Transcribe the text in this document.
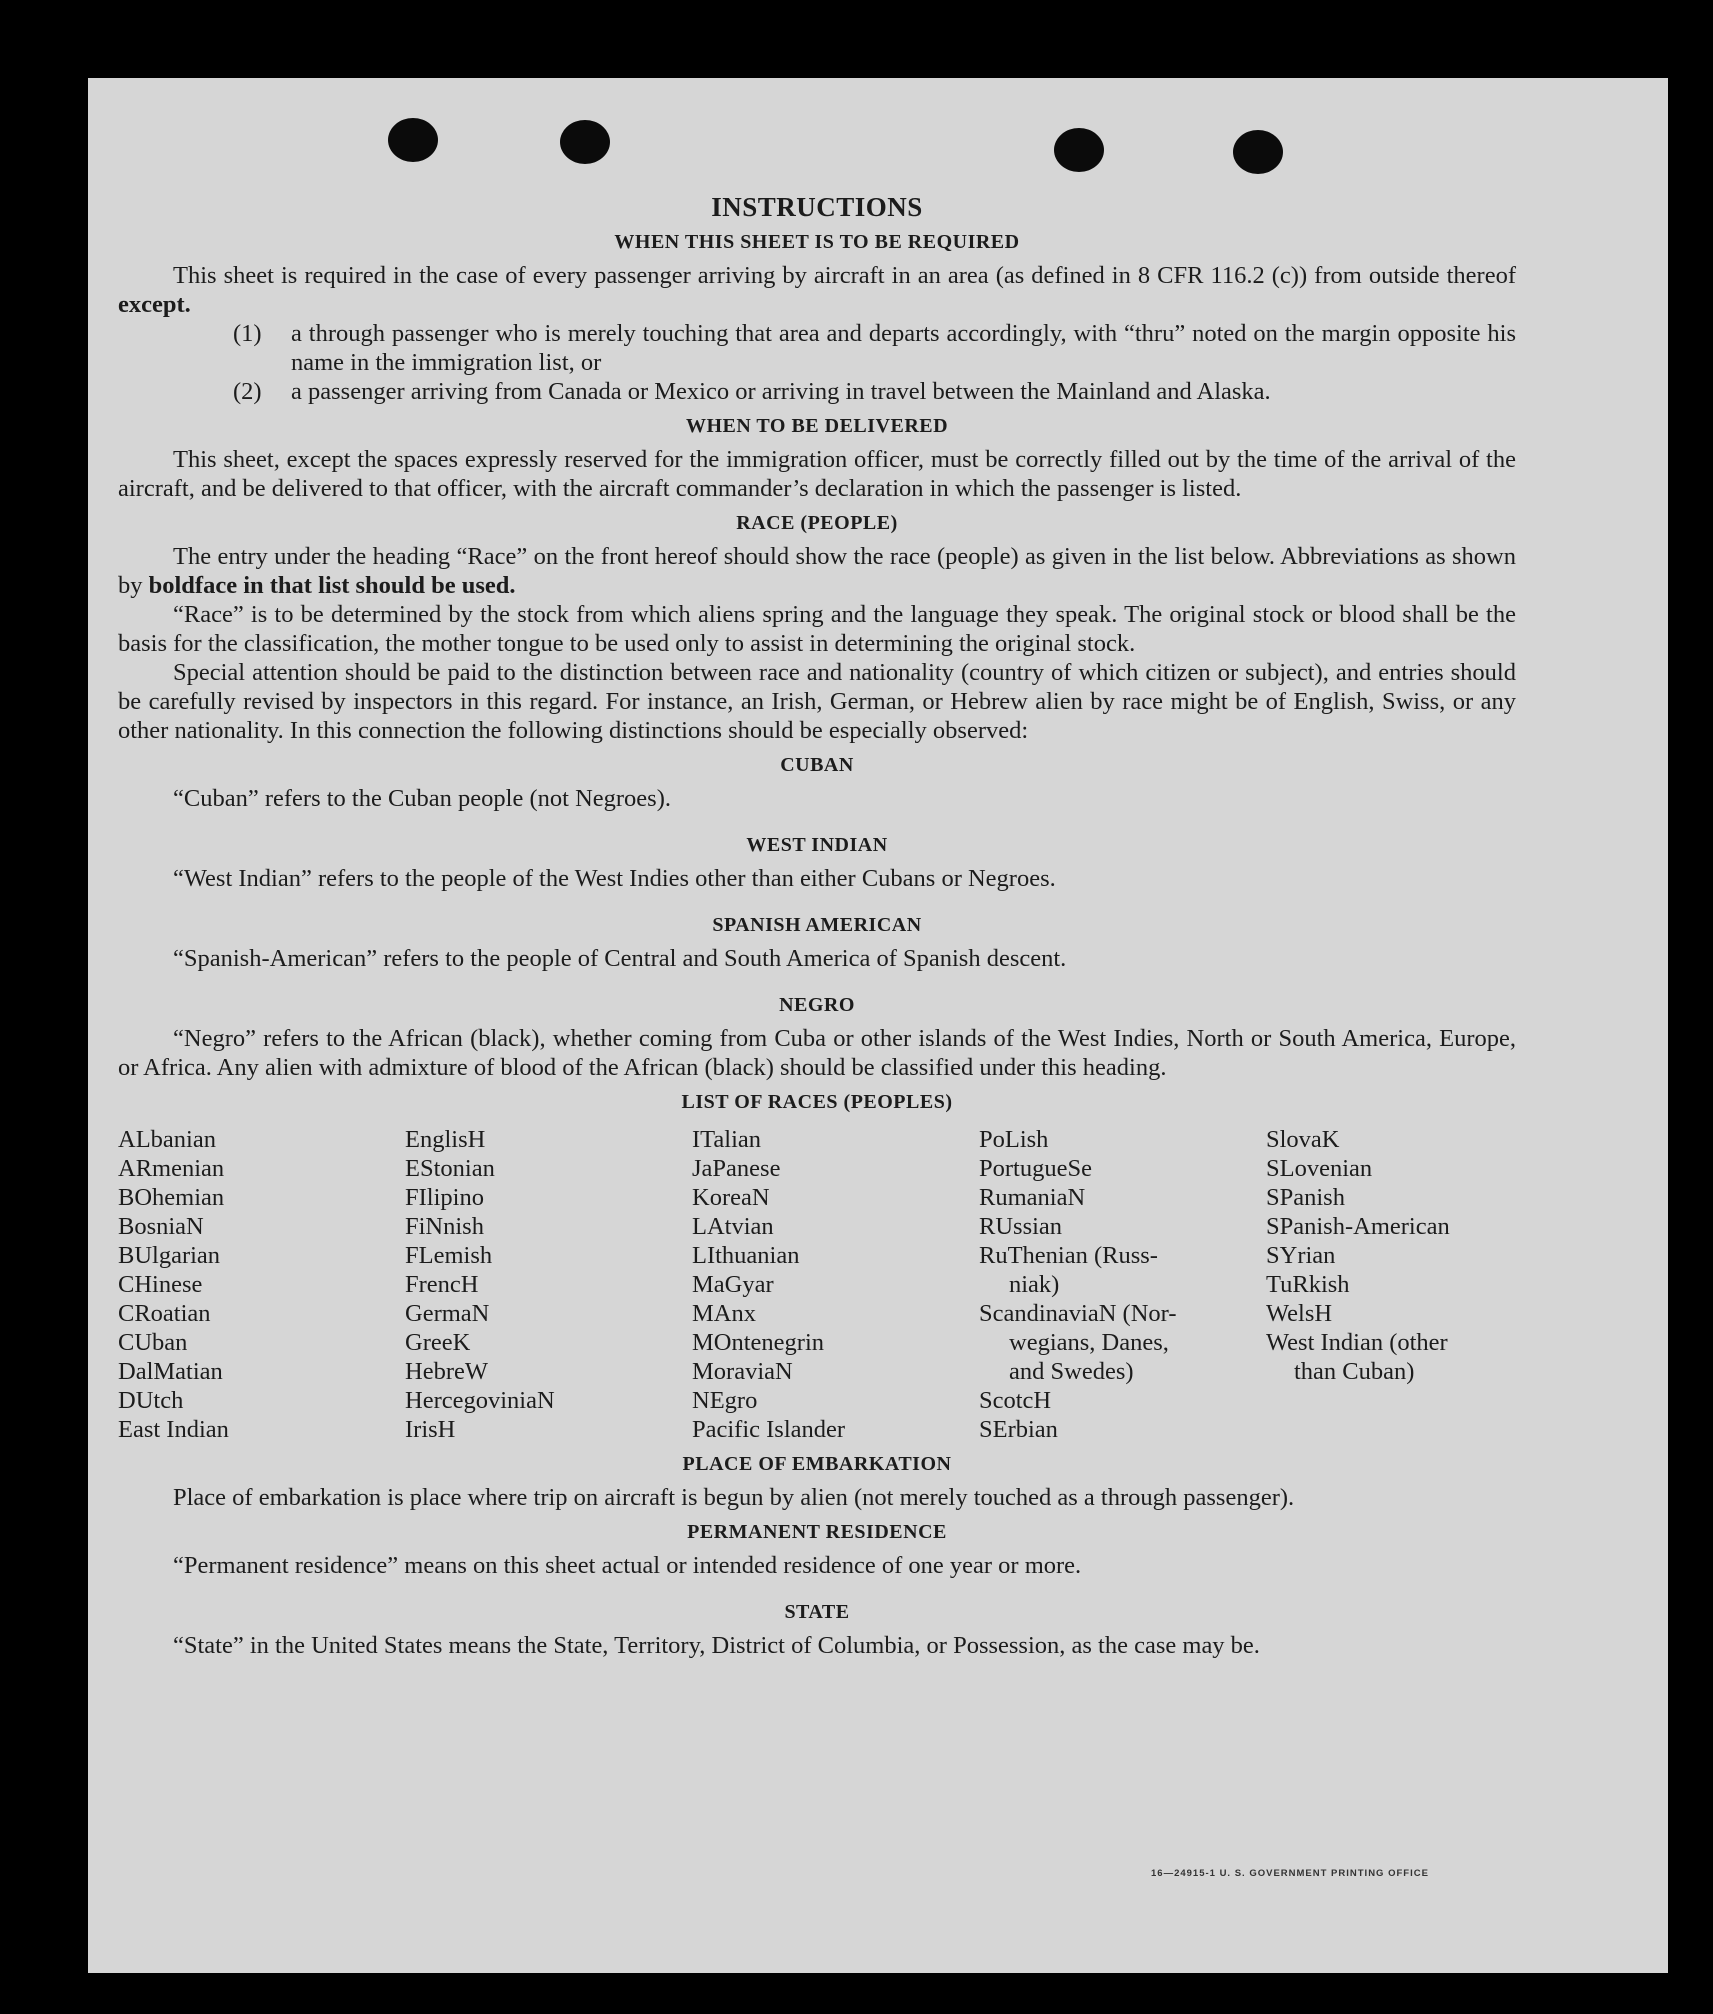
INSTRUCTIONS
WHEN THIS SHEET IS TO BE REQUIRED

This sheet is required in the case of every passenger arriving by aircraft in an area (as defined in 8 CFR 116.2 (c)) from outside thereof except.

(1)	a through passenger who is merely touching that area and departs accordingly, with “thru” noted on the margin opposite his name in the immigration list, or
(2)	a passenger arriving from Canada or Mexico or arriving in travel between the Mainland and Alaska.
WHEN TO BE DELIVERED

This sheet, except the spaces expressly reserved for the immigration officer, must be correctly filled out by the time of the arrival of the aircraft, and be delivered to that officer, with the aircraft commander’s declaration in which the passenger is listed.

RACE (PEOPLE)

The entry under the heading “Race” on the front hereof should show the race (people) as given in the list below. Abbreviations as shown by boldface in that list should be used.

“Race” is to be determined by the stock from which aliens spring and the language they speak. The original stock or blood shall be the basis for the classification, the mother tongue to be used only to assist in determining the original stock.

Special attention should be paid to the distinction between race and nationality (country of which citizen or subject), and entries should be carefully revised by inspectors in this regard. For instance, an Irish, German, or Hebrew alien by race might be of English, Swiss, or any other nationality. In this connection the following distinctions should be especially observed:

CUBAN

“Cuban” refers to the Cuban people (not Negroes).

WEST INDIAN

“West Indian” refers to the people of the West Indies other than either Cubans or Negroes.

SPANISH AMERICAN

“Spanish-American” refers to the people of Central and South America of Spanish descent.

NEGRO

“Negro” refers to the African (black), whether coming from Cuba or other islands of the West Indies, North or South America, Europe, or Africa. Any alien with admixture of blood of the African (black) should be classified under this heading.

LIST OF RACES (PEOPLES)
ALbanian
ARmenian
BOhemian
BosniaN
BUlgarian
CHinese
CRoatian
CUban
DalMatian
DUtch
East Indian
EnglisH
EStonian
FIlipino
FiNnish
FLemish
FrencH
GermaN
GreeK
HebreW
HercegoviniaN
IrisH
ITalian
JaPanese
KoreaN
LAtvian
LIthuanian
MaGyar
MAnx
MOntenegrin
MoraviaN
NEgro
Pacific Islander
PoLish
PortugueSe
RumaniaN
RUssian
RuThenian (Russ-
niak)
ScandinaviaN (Nor-
wegians, Danes,
and Swedes)
ScotcH
SErbian
SlovaK
SLovenian
SPanish
SPanish-American
SYrian
TuRkish
WelsH
West Indian (other
than Cuban)
PLACE OF EMBARKATION

Place of embarkation is place where trip on aircraft is begun by alien (not merely touched as a through passenger).

PERMANENT RESIDENCE

“Permanent residence” means on this sheet actual or intended residence of one year or more.

STATE

“State” in the United States means the State, Territory, District of Columbia, or Possession, as the case may be.

16—24915-1 U. S. GOVERNMENT PRINTING OFFICE
